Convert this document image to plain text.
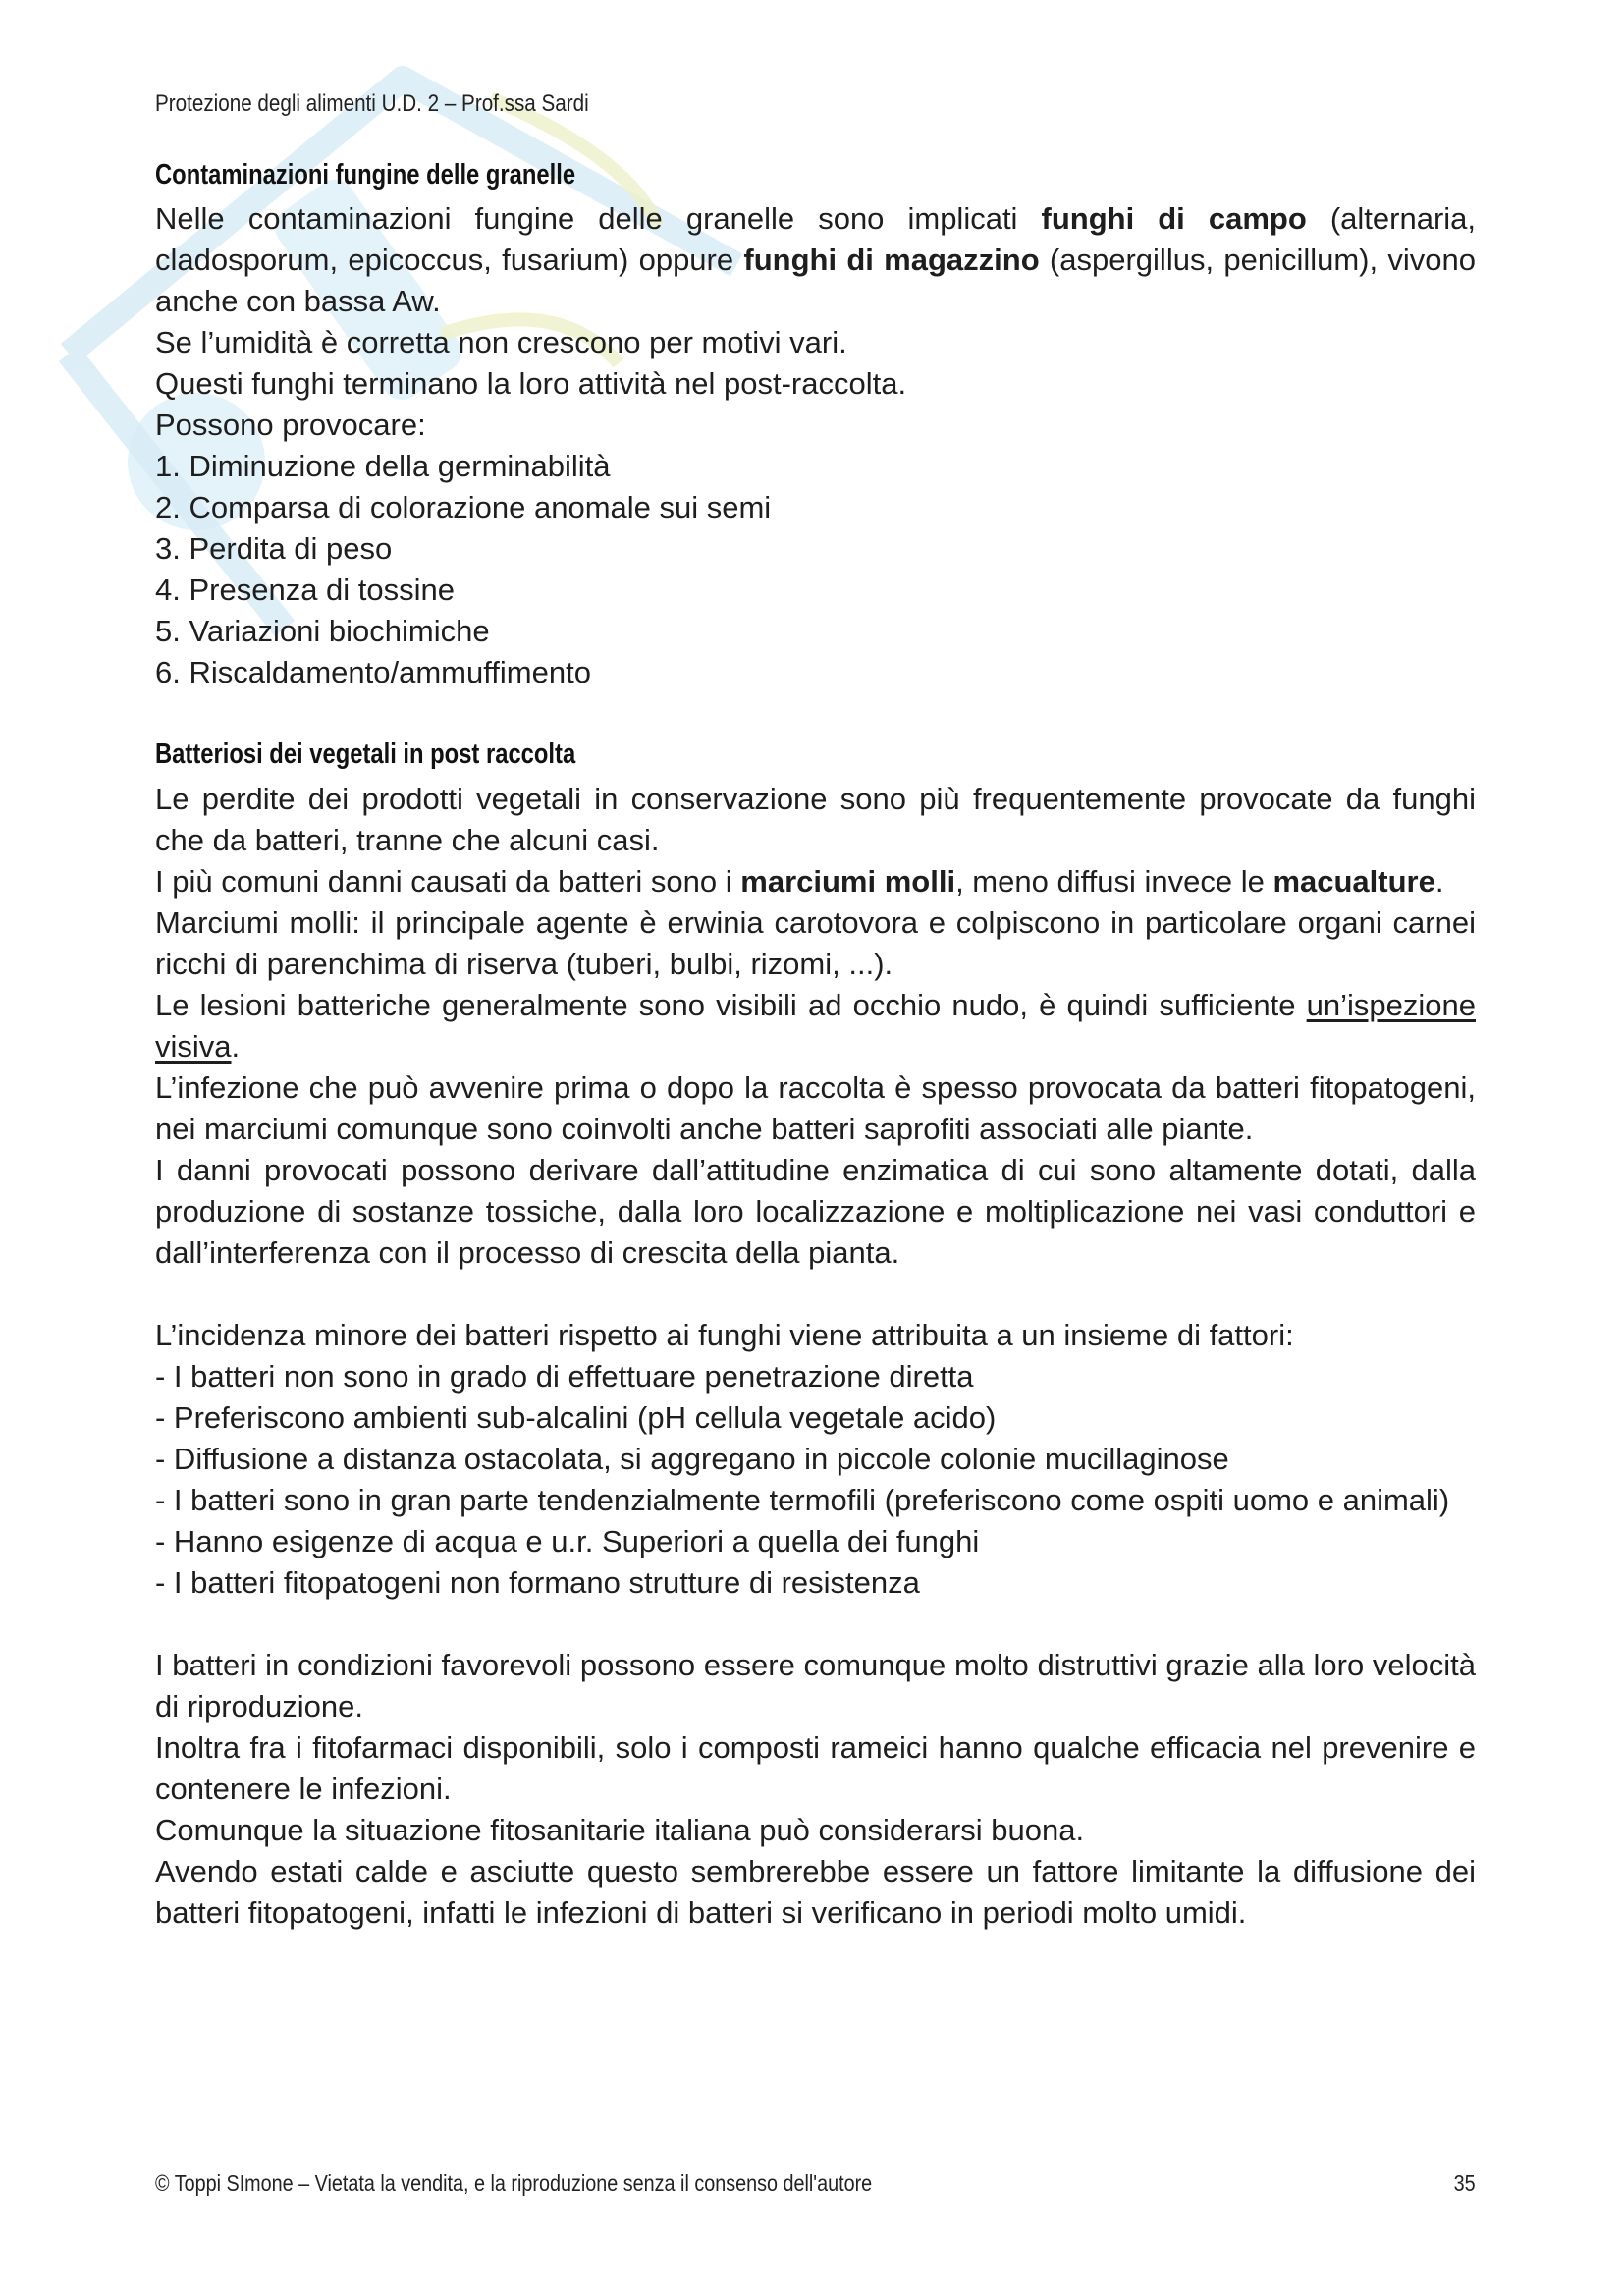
Protezione degli alimenti U.D. 2 – Prof.ssa Sardi
Contaminazioni fungine delle granelle

Nelle contaminazioni fungine delle granelle sono implicati funghi di campo (alternaria, cladosporum, epicoccus, fusarium) oppure funghi di magazzino (aspergillus, penicillum), vivono anche con bassa Aw.

Se l’umidità è corretta non crescono per motivi vari.

Questi funghi terminano la loro attività nel post-raccolta.

Possono provocare:

1. Diminuzione della germinabilità
2. Comparsa di colorazione anomale sui semi
3. Perdita di peso
4. Presenza di tossine
5. Variazioni biochimiche
6. Riscaldamento/ammuffimento
Batteriosi dei vegetali in post raccolta

Le perdite dei prodotti vegetali in conservazione sono più frequentemente provocate da funghi che da batteri, tranne che alcuni casi.

I più comuni danni causati da batteri sono i marciumi molli, meno diffusi invece le macualture.

Marciumi molli: il principale agente è erwinia carotovora e colpiscono in particolare organi carnei ricchi di parenchima di riserva (tuberi, bulbi, rizomi, ...).

Le lesioni batteriche generalmente sono visibili ad occhio nudo, è quindi sufficiente un’ispezione visiva.

L’infezione che può avvenire prima o dopo la raccolta è spesso provocata da batteri fitopatogeni, nei marciumi comunque sono coinvolti anche batteri saprofiti associati alle piante.

I danni provocati possono derivare dall’attitudine enzimatica di cui sono altamente dotati, dalla produzione di sostanze tossiche, dalla loro localizzazione e moltiplicazione nei vasi conduttori e dall’interferenza con il processo di crescita della pianta.

L’incidenza minore dei batteri rispetto ai funghi viene attribuita a un insieme di fattori:

- I batteri non sono in grado di effettuare penetrazione diretta
- Preferiscono ambienti sub-alcalini (pH cellula vegetale acido)
- Diffusione a distanza ostacolata, si aggregano in piccole colonie mucillaginose
- I batteri sono in gran parte tendenzialmente termofili (preferiscono come ospiti uomo e animali)
- Hanno esigenze di acqua e u.r. Superiori a quella dei funghi
- I batteri fitopatogeni non formano strutture di resistenza

I batteri in condizioni favorevoli possono essere comunque molto distruttivi grazie alla loro velocità di riproduzione.

Inoltra fra i fitofarmaci disponibili, solo i composti rameici hanno qualche efficacia nel prevenire e contenere le infezioni.

Comunque la situazione fitosanitarie italiana può considerarsi buona.

Avendo estati calde e asciutte questo sembrerebbe essere un fattore limitante la diffusione dei batteri fitopatogeni, infatti le infezioni di batteri si verificano in periodi molto umidi.

© Toppi SImone – Vietata la vendita, e la riproduzione senza il consenso dell'autore	35
